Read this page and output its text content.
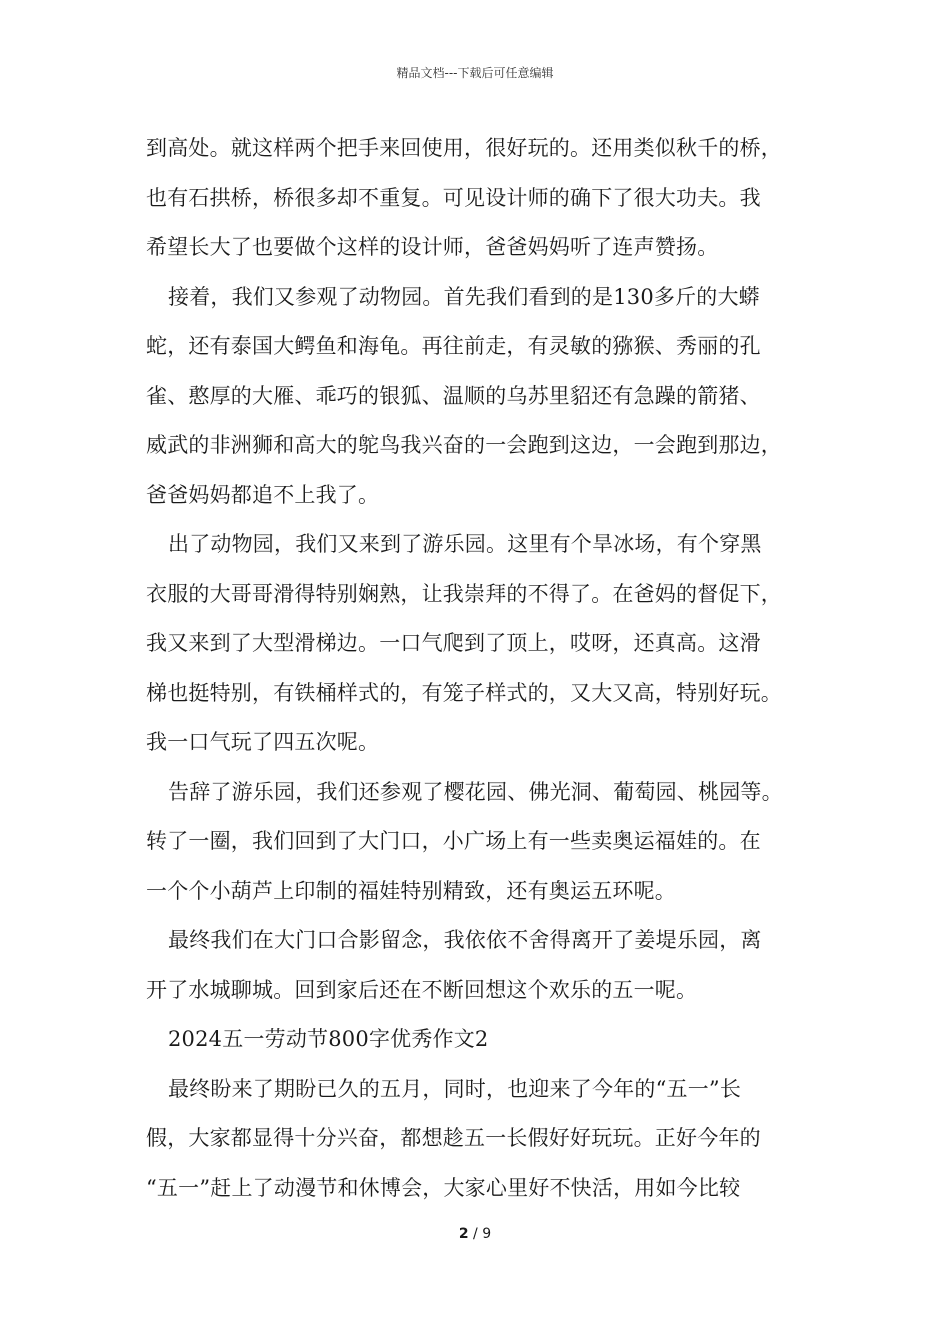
精品文档---下载后可任意编辑
到高处。就这样两个把手来回使用，很好玩的。还用类似秋千的桥，
也有石拱桥，桥很多却不重复。可见设计师的确下了很大功夫。我
希望长大了也要做个这样的设计师，爸爸妈妈听了连声赞扬。
接着，我们又参观了动物园。首先我们看到的是130多斤的大蟒
蛇，还有泰国大鳄鱼和海龟。再往前走，有灵敏的猕猴、秀丽的孔
雀、憨厚的大雁、乖巧的银狐、温顺的乌苏里貂还有急躁的箭猪、
威武的非洲狮和高大的鸵鸟我兴奋的一会跑到这边，一会跑到那边，
爸爸妈妈都追不上我了。
出了动物园，我们又来到了游乐园。这里有个旱冰场，有个穿黑
衣服的大哥哥滑得特别娴熟，让我崇拜的不得了。在爸妈的督促下，
我又来到了大型滑梯边。一口气爬到了顶上，哎呀，还真高。这滑
梯也挺特别，有铁桶样式的，有笼子样式的，又大又高，特别好玩。
我一口气玩了四五次呢。
告辞了游乐园，我们还参观了樱花园、佛光洞、葡萄园、桃园等。
转了一圈，我们回到了大门口，小广场上有一些卖奥运福娃的。在
一个个小葫芦上印制的福娃特别精致，还有奥运五环呢。
最终我们在大门口合影留念，我依依不舍得离开了姜堤乐园，离
开了水城聊城。回到家后还在不断回想这个欢乐的五一呢。
2024五一劳动节800字优秀作文2
最终盼来了期盼已久的五月，同时，也迎来了今年的“五一”长
假，大家都显得十分兴奋，都想趁五一长假好好玩玩。正好今年的
“五一”赶上了动漫节和休博会，大家心里好不快活，用如今比较
2 / 9
